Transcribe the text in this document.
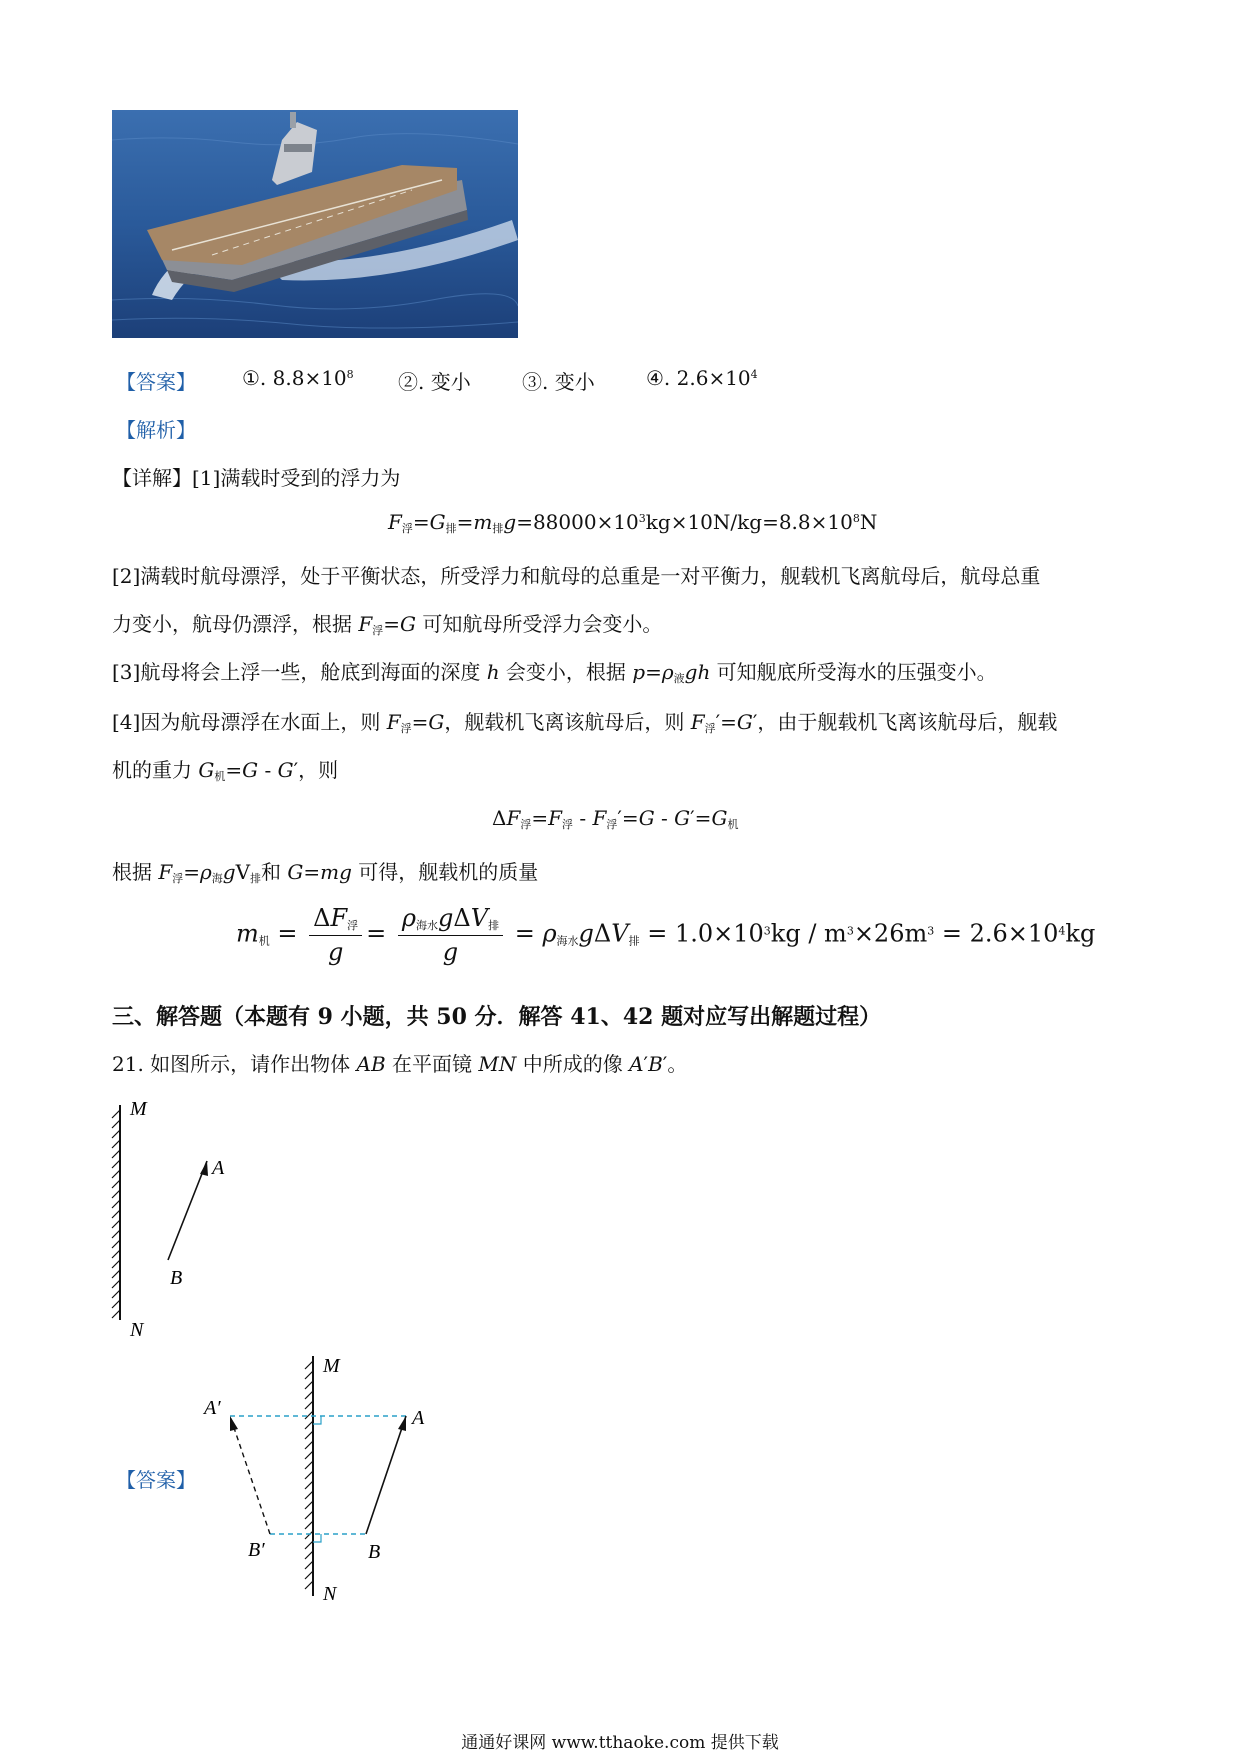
【答案】 ①. $8.8\times 10^8$ ②. 变小	③. 变小	④. $2.6\times 10^4$
【解析】
【详解】[1]满载时受到的浮力为
$F_浮=G_排=m_排g=88000\times 10^3kg\times 10N/kg=8.8\times 10^8N$
[2]满载时航母漂浮，处于平衡状态，所受浮力和航母的总重是一对平衡力，舰载机飞离航母后，航母总重
力变小，航母仍漂浮，根据 $F_浮=G$ 可知航母所受浮力会变小。
[3]航母将会上浮一些，舱底到海面的深度 h 会变小，根据 $p=\rho_液gh$ 可知舰底所受海水的压强变小。
[4]因为航母漂浮在水面上，则 $F_浮=G$，舰载机飞离该航母后，则 $F_浮'=G'$，由于舰载机飞离该航母后，舰载
机的重力 $G_机=G - G'$，则
$\Delta F_浮=F_浮 - F_浮'=G - G'=G_机$
根据 $F_浮=\rho_海gV_排$和 G=mg 可得，舰载机的质量
$m_机 = \frac{\Delta F_浮}{g} = \frac{\rho_{海水}g\Delta V_排}{g} = \rho_{海水}g\Delta V_排 = 1.0\times 10^3kg / m^3\times 26m^3 = 2.6\times 10^4kg$
三、解答题（本题有 9 小题，共 50 分．解答 41、42 题对应写出解题过程）
21. 如图所示，请作出物体 AB 在平面镜 MN 中所成的像 A′B′。
M
A
B
N
【答案】
M
A
B
A′
B′
N
通通好课网 www.tthaoke.com 提供下载
